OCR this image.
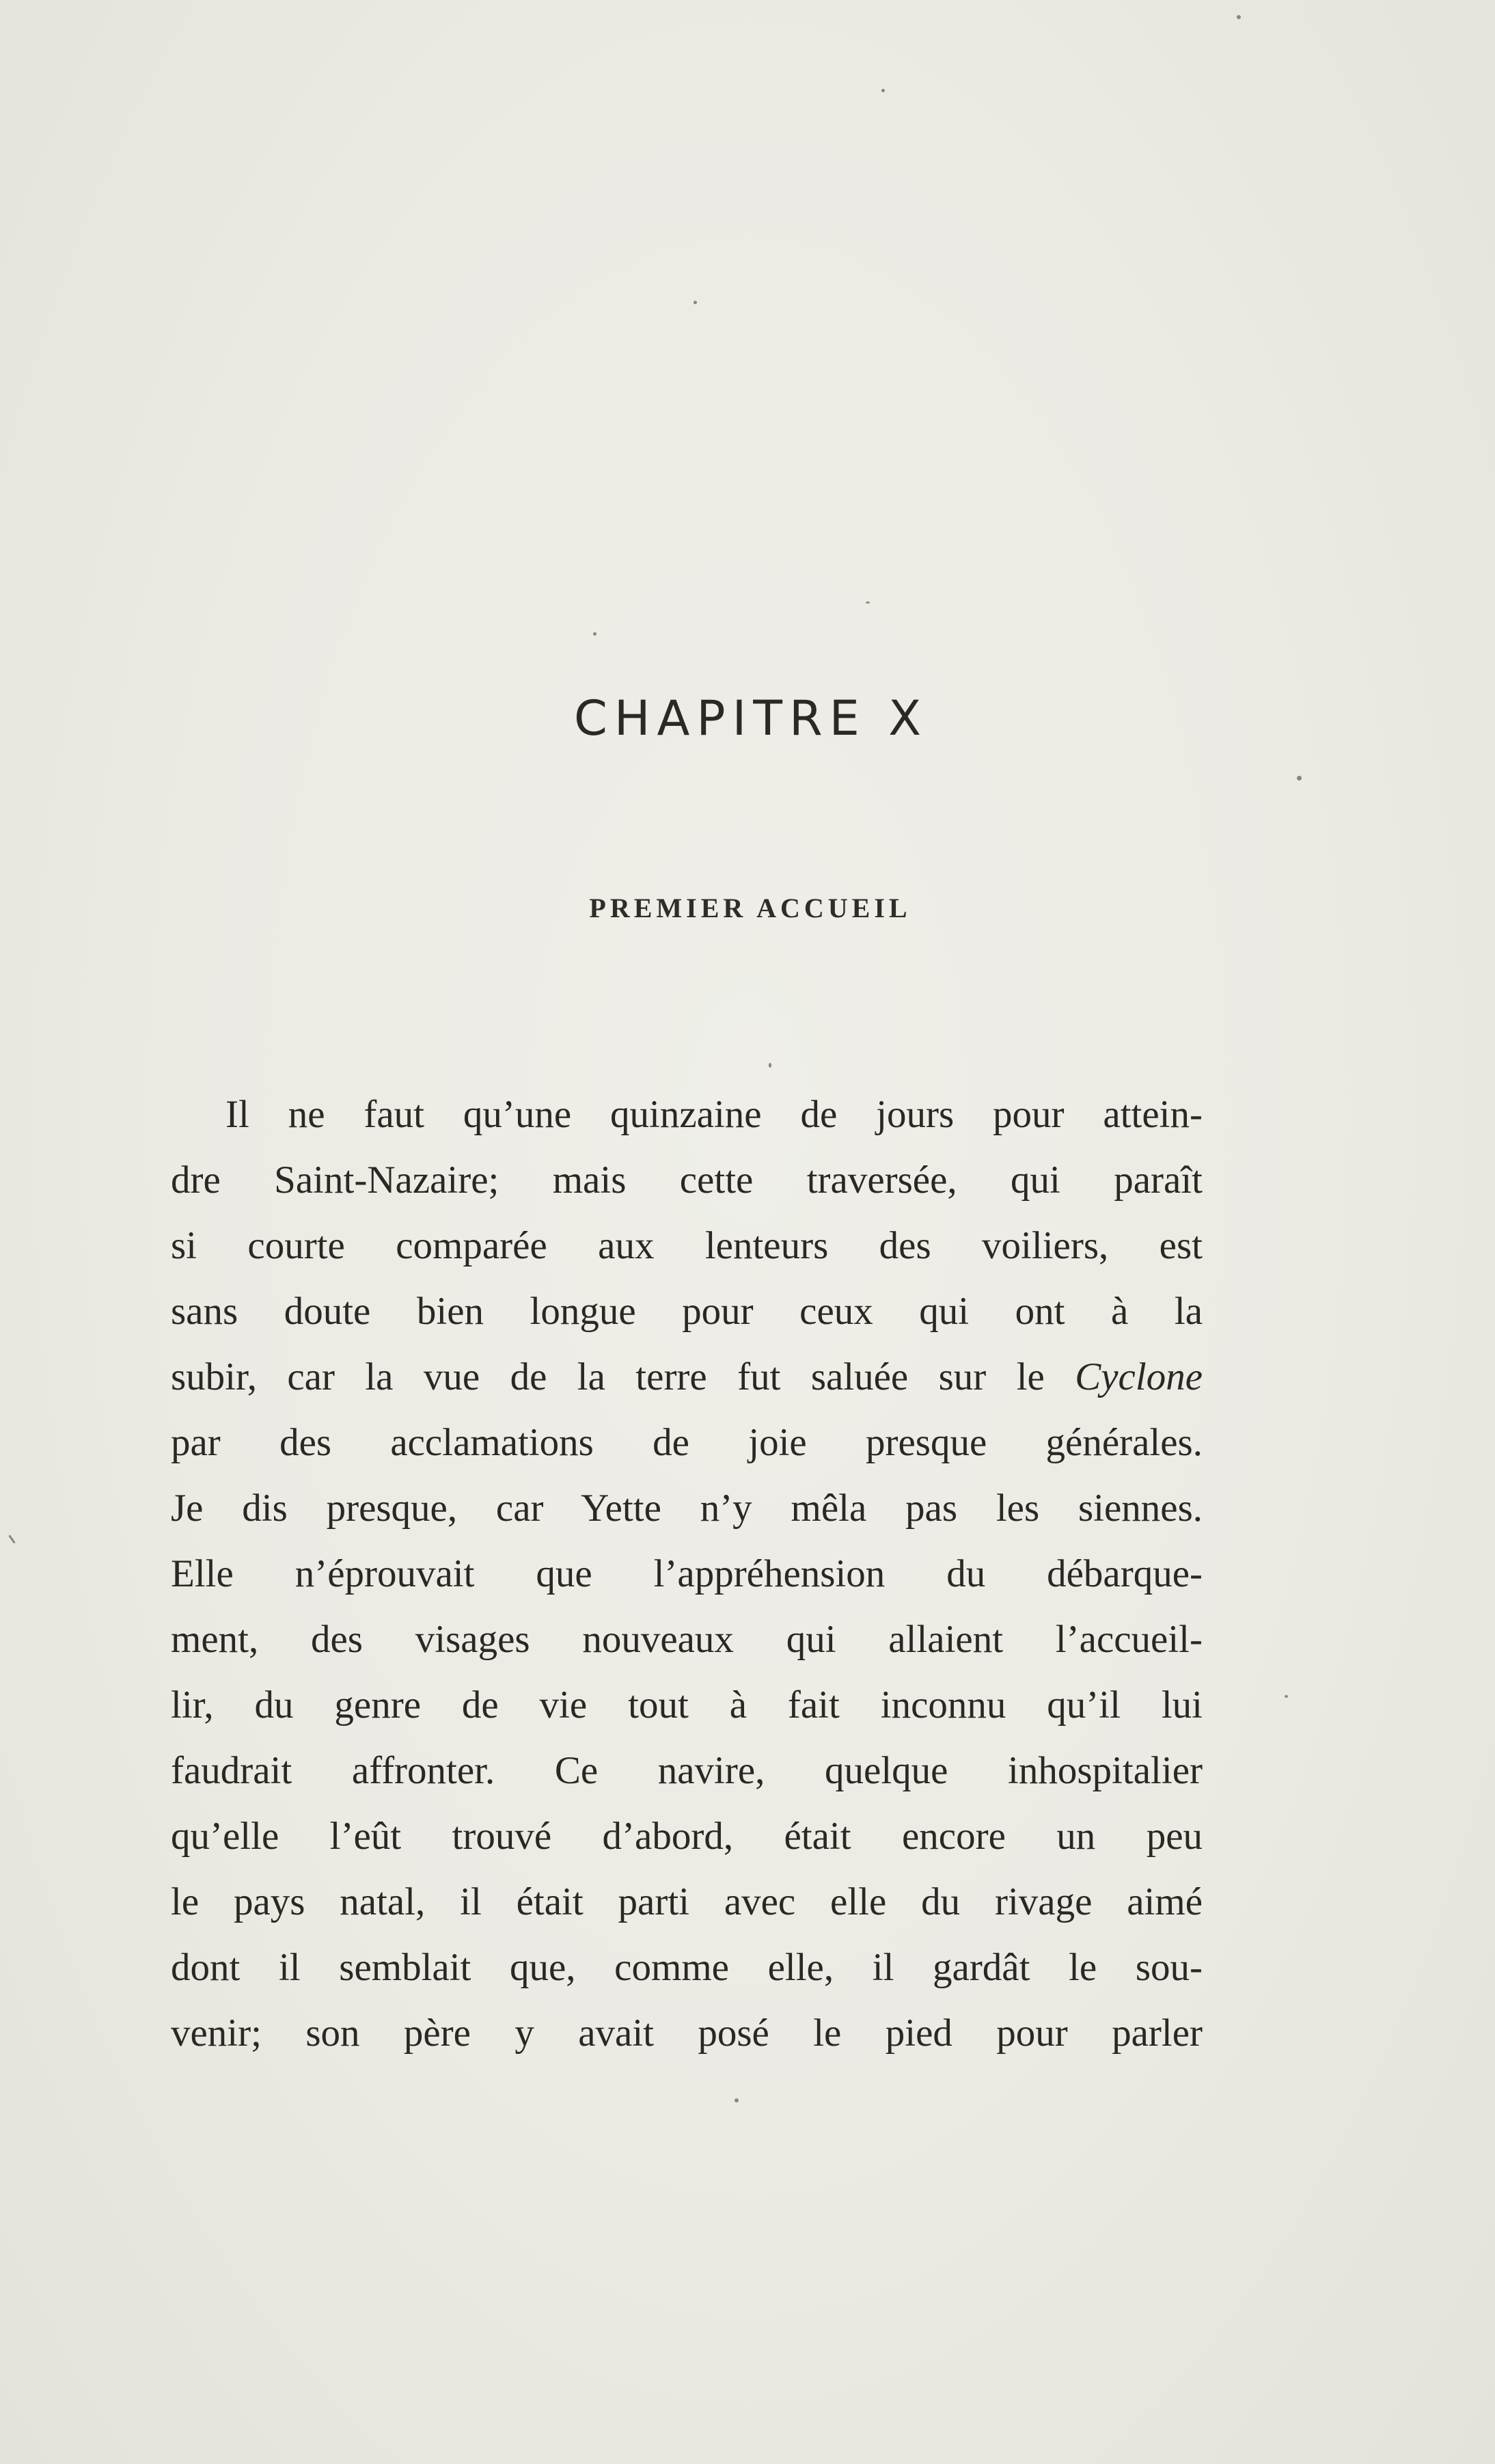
CHAPITRE X
PREMIER ACCUEIL
Il ne faut qu’une quinzaine de jours pour attein-
dre Saint-Nazaire; mais cette traversée, qui paraît
si courte comparée aux lenteurs des voiliers, est
sans doute bien longue pour ceux qui ont à la
subir, car la vue de la terre fut saluée sur le Cyclone
par des acclamations de joie presque générales.
Je dis presque, car Yette n’y mêla pas les siennes.
Elle n’éprouvait que l’appréhension du débarque-
ment, des visages nouveaux qui allaient l’accueil-
lir, du genre de vie tout à fait inconnu qu’il lui
faudrait affronter. Ce navire, quelque inhospitalier
qu’elle l’eût trouvé d’abord, était encore un peu
le pays natal, il était parti avec elle du rivage aimé
dont il semblait que, comme elle, il gardât le sou-
venir; son père y avait posé le pied pour parler
